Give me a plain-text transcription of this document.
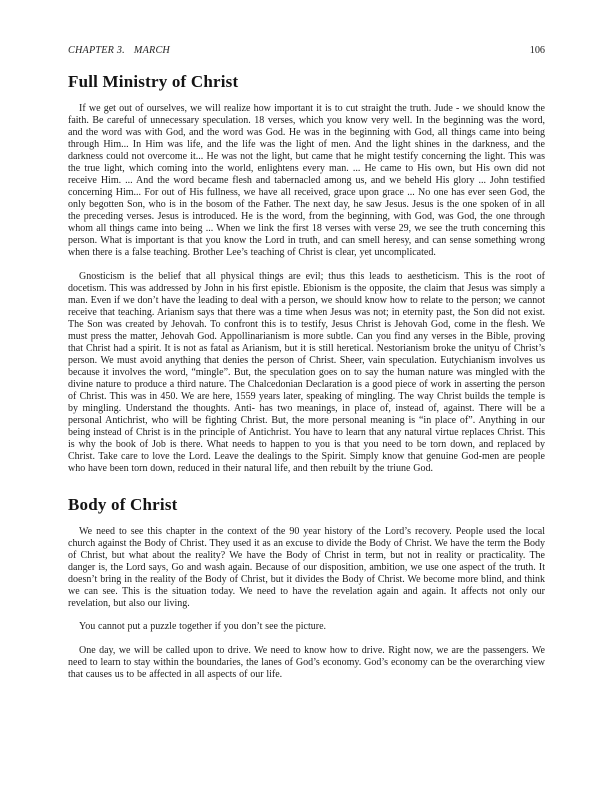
CHAPTER 3. MARCH	106
Full Ministry of Christ

If we get out of ourselves, we will realize how important it is to cut straight the truth. Jude - we should know the faith. Be careful of unnecessary speculation. 18 verses, which you know very well. In the beginning was the word, and the word was with God, and the word was God. He was in the beginning with God, all things came into being through Him... In Him was life, and the life was the light of men. And the light shines in the darkness, and the darkness could not overcome it... He was not the light, but came that he might testify concerning the light. This was the true light, which coming into the world, enlightens every man. ... He came to His own, but His own did not receive Him. ... And the word became flesh and tabernacled among us, and we beheld His glory ... John testified concerning Him... For out of His fullness, we have all received, grace upon grace ... No one has ever seen God, the only begotten Son, who is in the bosom of the Father. The next day, he saw Jesus. Jesus is the one spoken of in all the preceding verses. Jesus is introduced. He is the word, from the beginning, with God, was God, the one through whom all things came into being ... When we link the first 18 verses with verse 29, we see the truth concerning this person. What is important is that you know the Lord in truth, and can smell heresy, and can sense something wrong when there is a false teaching. Brother Lee’s teaching of Christ is clear, yet uncomplicated.

Gnosticism is the belief that all physical things are evil; thus this leads to aestheticism. This is the root of docetism. This was addressed by John in his first epistle. Ebionism is the opposite, the claim that Jesus was simply a man. Even if we don’t have the leading to deal with a person, we should know how to relate to the person; we cannot receive that teaching. Arianism says that there was a time when Jesus was not; in eternity past, the Son did not exist. The Son was created by Jehovah. To confront this is to testify, Jesus Christ is Jehovah God, come in the flesh. We must press the matter, Jehovah God. Appollinarianism is more subtle. Can you find any verses in the Bible, proving that Christ had a spirit. It is not as fatal as Arianism, but it is still heretical. Nestorianism broke the unityu of Christ’s person. We must avoid anything that denies the person of Christ. Sheer, vain speculation. Eutychianism involves us because it involves the word, “mingle”. But, the speculation goes on to say the human nature was mingled with the divine nature to produce a third nature. The Chalcedonian Declaration is a good piece of work in asserting the person of Christ. This was in 450. We are here, 1559 years later, speaking of mingling. The way Christ builds the temple is by mingling. Understand the thoughts. Anti- has two meanings, in place of, instead of, against. There will be a personal Antichrist, who will be fighting Christ. But, the more personal meaning is “in place of”. Anything in our being instead of Christ is in the principle of Antichrist. You have to learn that any natural virtue replaces Christ. This is why the book of Job is there. What needs to happen to you is that you need to be torn down, and replaced by Christ. Take care to love the Lord. Leave the dealings to the Spirit. Simply know that genuine God-men are people who have been torn down, reduced in their natural life, and then rebuilt by the triune God.

Body of Christ

We need to see this chapter in the context of the 90 year history of the Lord’s recovery. People used the local church against the Body of Christ. They used it as an excuse to divide the Body of Christ. We have the term the Body of Christ, but what about the reality? We have the Body of Christ in term, but not in reality or practicality. The danger is, the Lord says, Go and wash again. Because of our disposition, ambition, we use one aspect of the truth. It doesn’t bring in the reality of the Body of Christ, but it divides the Body of Christ. We become more blind, and think we can see. This is the situation today. We need to have the revelation again and again. It affects not only our revelation, but also our living.

You cannot put a puzzle together if you don’t see the picture.

One day, we will be called upon to drive. We need to know how to drive. Right now, we are the passengers. We need to learn to stay within the boundaries, the lanes of God’s economy. God’s economy can be the overarching view that causes us to be affected in all aspects of our life.
